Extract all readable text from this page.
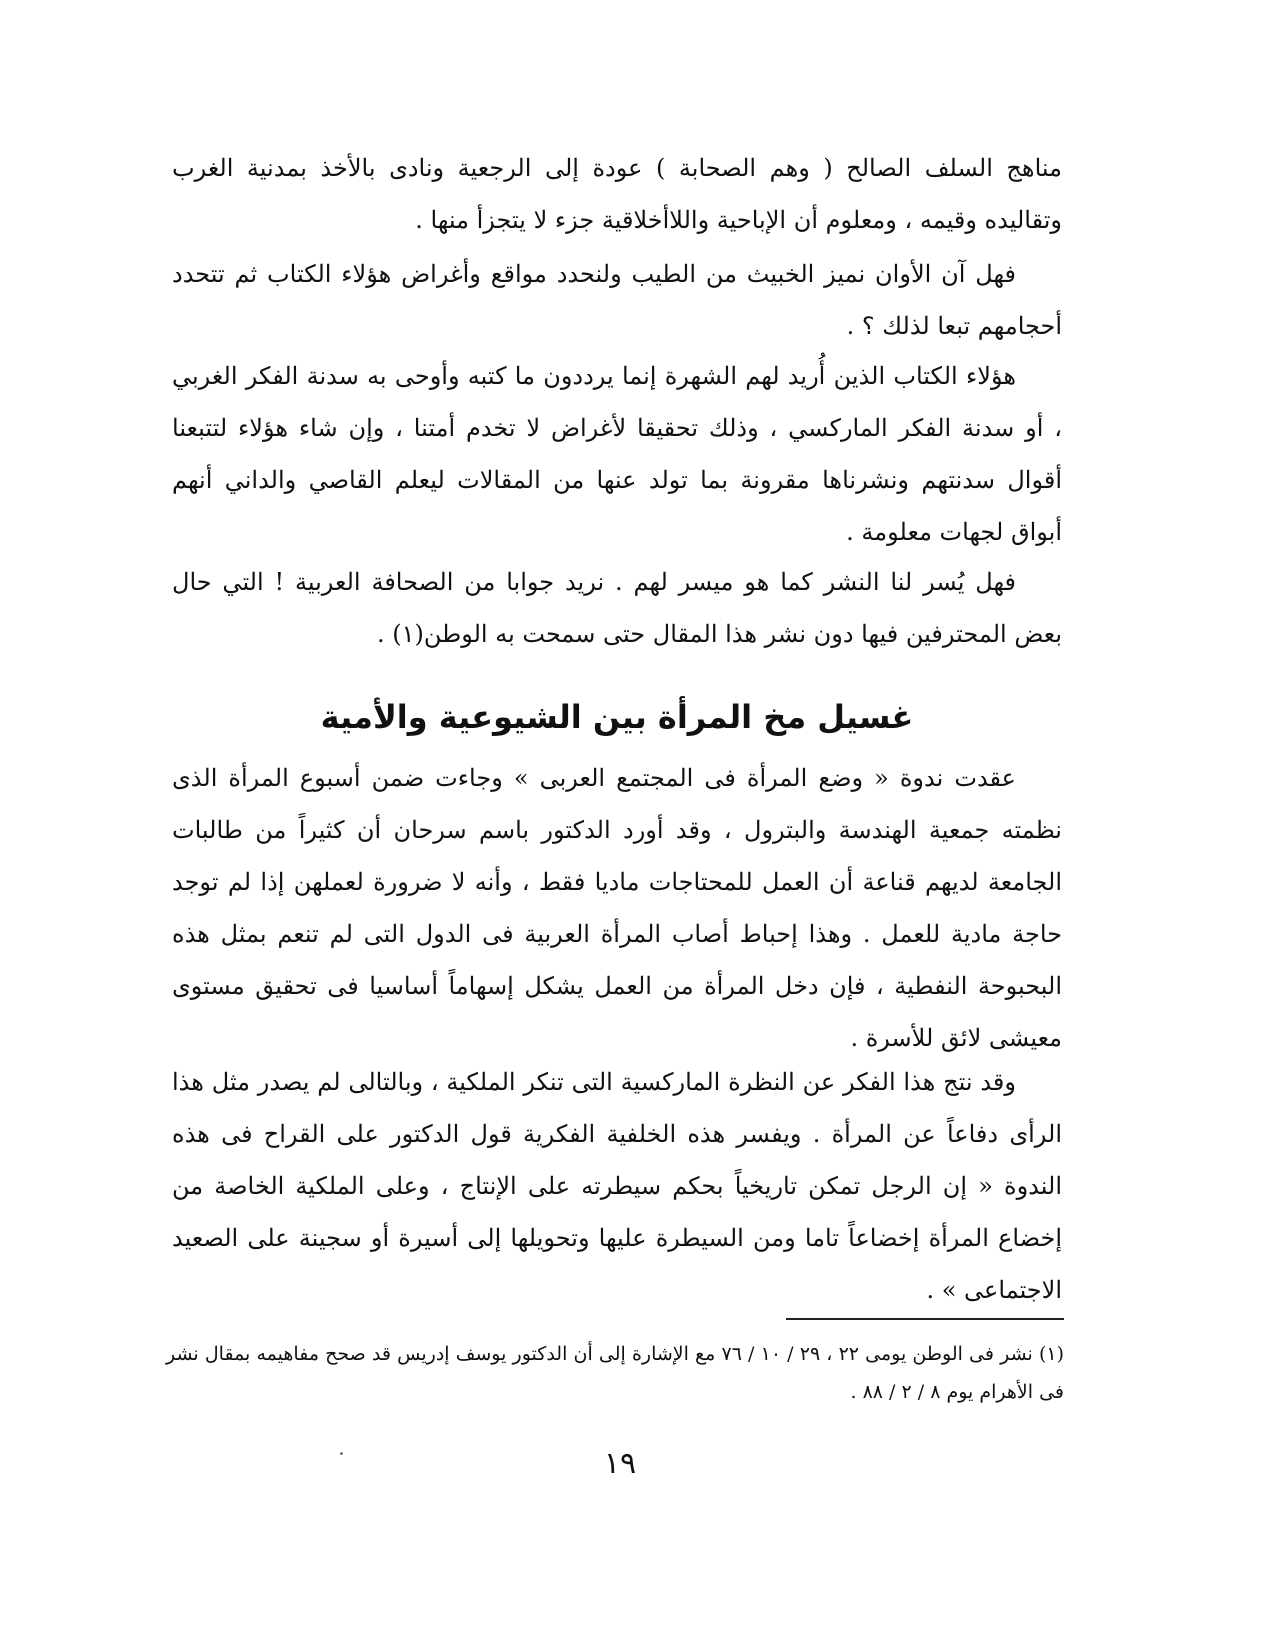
مناهج السلف الصالح ( وهم الصحابة ) عودة إلى الرجعية ونادى بالأخذ بمدنية الغرب وتقاليده وقيمه ، ومعلوم أن الإباحية واللاأخلاقية جزء لا يتجزأ منها .

فهل آن الأوان نميز الخبيث من الطيب ولنحدد مواقع وأغراض هؤلاء الكتاب ثم تتحدد أحجامهم تبعا لذلك ؟ .

هؤلاء الكتاب الذين أُريد لهم الشهرة إنما يرددون ما كتبه وأوحى به سدنة الفكر الغربي ، أو سدنة الفكر الماركسي ، وذلك تحقيقا لأغراض لا تخدم أمتنا ، وإن شاء هؤلاء لتتبعنا أقوال سدنتهم ونشرناها مقرونة بما تولد عنها من المقالات ليعلم القاصي والداني أنهم أبواق لجهات معلومة .

فهل يُسر لنا النشر كما هو ميسر لهم . نريد جوابا من الصحافة العربية ! التي حال بعض المحترفين فيها دون نشر هذا المقال حتى سمحت به الوطن(١) .

غسيل مخ المرأة بين الشيوعية والأمية

عقدت ندوة « وضع المرأة فى المجتمع العربى » وجاءت ضمن أسبوع المرأة الذى نظمته جمعية الهندسة والبترول ، وقد أورد الدكتور باسم سرحان أن كثيراً من طالبات الجامعة لديهم قناعة أن العمل للمحتاجات ماديا فقط ، وأنه لا ضرورة لعملهن إذا لم توجد حاجة مادية للعمل . وهذا إحباط أصاب المرأة العربية فى الدول التى لم تنعم بمثل هذه البحبوحة النفطية ، فإن دخل المرأة من العمل يشكل إسهاماً أساسيا فى تحقيق مستوى معيشى لائق للأسرة .

وقد نتج هذا الفكر عن النظرة الماركسية التى تنكر الملكية ، وبالتالى لم يصدر مثل هذا الرأى دفاعاً عن المرأة . ويفسر هذه الخلفية الفكرية قول الدكتور على القراح فى هذه الندوة « إن الرجل تمكن تاريخياً بحكم سيطرته على الإنتاج ، وعلى الملكية الخاصة من إخضاع المرأة إخضاعاً تاما ومن السيطرة عليها وتحويلها إلى أسيرة أو سجينة على الصعيد الاجتماعى » .

(١) نشر فى الوطن يومى ٢٢ ، ٢٩ / ١٠ / ٧٦ مع الإشارة إلى أن الدكتور يوسف إدريس قد صحح مفاهيمه بمقال نشر فى الأهرام يوم ٨ / ٢ / ٨٨ .

١٩
